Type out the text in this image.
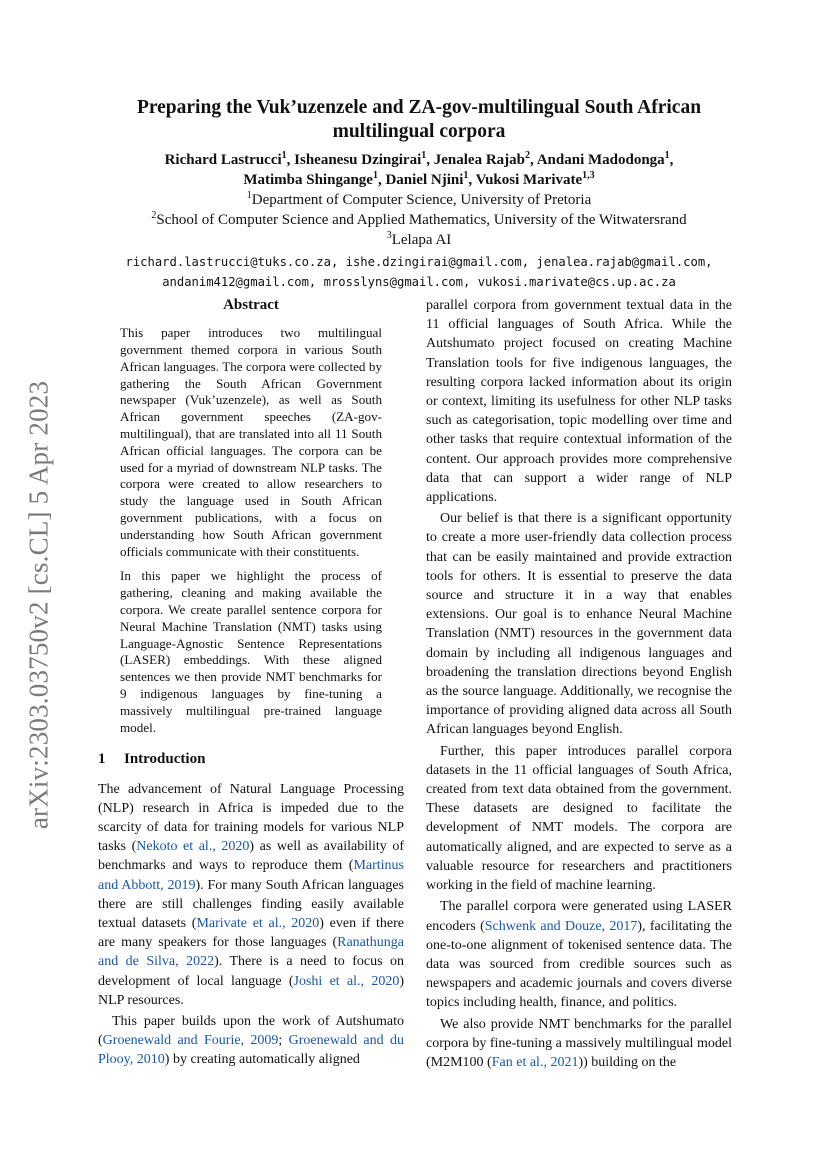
arXiv:2303.03750v2 [cs.CL] 5 Apr 2023
Preparing the Vuk’uzenzele and ZA-gov-multilingual South African multilingual corpora
Richard Lastrucci$^1$, Isheanesu Dzingirai$^1$, Jenalea Rajab$^2$, Andani Madodonga$^1$,
Matimba Shingange$^1$, Daniel Njini$^1$, Vukosi Marivate$^{1,3}$
$^1$Department of Computer Science, University of Pretoria
$^2$School of Computer Science and Applied Mathematics, University of the Witwatersrand
$^3$Lelapa AI
richard.lastrucci@tuks.co.za, ishe.dzingirai@gmail.com, jenalea.rajab@gmail.com,
andanim412@gmail.com, mrosslyns@gmail.com, vukosi.marivate@cs.up.ac.za
Abstract

This paper introduces two multilingual government themed corpora in various South African languages. The corpora were collected by gathering the South African Government newspaper (Vuk’uzenzele), as well as South African government speeches (ZA-gov-multilingual), that are translated into all 11 South African official languages. The corpora can be used for a myriad of downstream NLP tasks. The corpora were created to allow researchers to study the language used in South African government publications, with a focus on understanding how South African government officials communicate with their constituents.

In this paper we highlight the process of gathering, cleaning and making available the corpora. We create parallel sentence corpora for Neural Machine Translation (NMT) tasks using Language-Agnostic Sentence Representations (LASER) embeddings. With these aligned sentences we then provide NMT benchmarks for 9 indigenous languages by fine-tuning a massively multilingual pre-trained language model.

1 Introduction

The advancement of Natural Language Processing (NLP) research in Africa is impeded due to the scarcity of data for training models for various NLP tasks (Nekoto et al., 2020) as well as availability of benchmarks and ways to reproduce them (Martinus and Abbott, 2019). For many South African languages there are still challenges finding easily available textual datasets (Marivate et al., 2020) even if there are many speakers for those languages (Ranathunga and de Silva, 2022). There is a need to focus on development of local language (Joshi et al., 2020) NLP resources.

This paper builds upon the work of Autshumato (Groenewald and Fourie, 2009; Groenewald and du Plooy, 2010) by creating automatically aligned

parallel corpora from government textual data in the 11 official languages of South Africa. While the Autshumato project focused on creating Machine Translation tools for five indigenous languages, the resulting corpora lacked information about its origin or context, limiting its usefulness for other NLP tasks such as categorisation, topic modelling over time and other tasks that require contextual information of the content. Our approach provides more comprehensive data that can support a wider range of NLP applications.

Our belief is that there is a significant opportunity to create a more user-friendly data collection process that can be easily maintained and provide extraction tools for others. It is essential to preserve the data source and structure it in a way that enables extensions. Our goal is to enhance Neural Machine Translation (NMT) resources in the government data domain by including all indigenous languages and broadening the translation directions beyond English as the source language. Additionally, we recognise the importance of providing aligned data across all South African languages beyond English.

Further, this paper introduces parallel corpora datasets in the 11 official languages of South Africa, created from text data obtained from the government. These datasets are designed to facilitate the development of NMT models. The corpora are automatically aligned, and are expected to serve as a valuable resource for researchers and practitioners working in the field of machine learning.

The parallel corpora were generated using LASER encoders (Schwenk and Douze, 2017), facilitating the one-to-one alignment of tokenised sentence data. The data was sourced from credible sources such as newspapers and academic journals and covers diverse topics including health, finance, and politics.

We also provide NMT benchmarks for the parallel corpora by fine-tuning a massively multilingual model (M2M100 (Fan et al., 2021)) building on the
